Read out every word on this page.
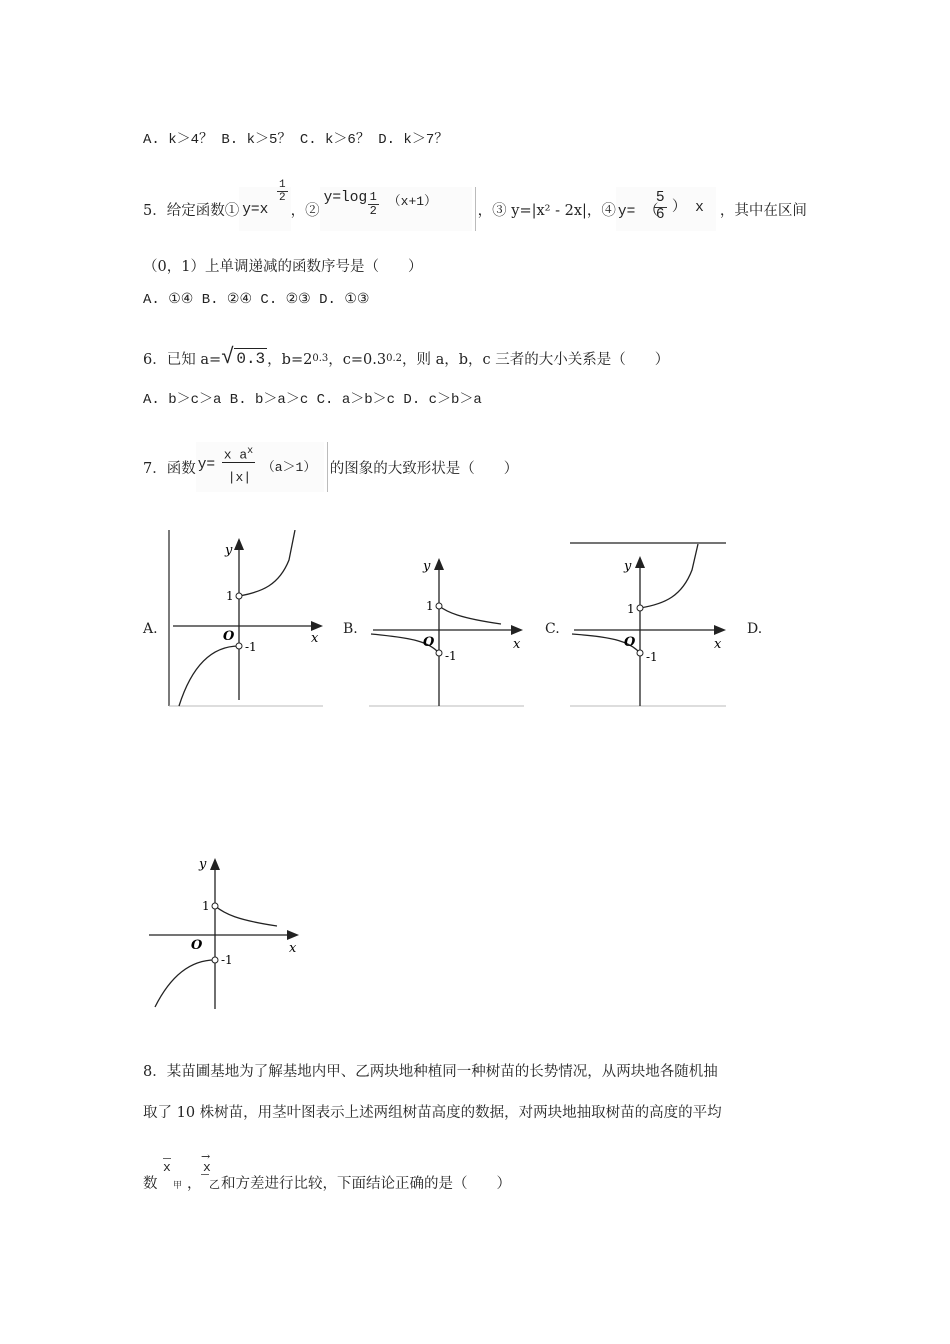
A. k＞4？ B. k＞5？ C. k＞6？ D. k＞7？
5．给定函数① y=x
$\frac{1}{2}$
，②
$y=\log \frac{1}{2} (x+1)$
，③ y=|x² - 2x|，④ y= （
$\frac{5}{6}$ ） x ，其中在区间
（0，1）上单调递减的函数序号是（　　）
A. ①④ B. ②④ C. ②③ D. ①③
6．已知 a= √ 0.3 ，b=2 0.3 ，c=0.3 0.2 ，则 a，b，c 三者的大小关系是（　　）
A. b＞c＞a B. b＞a＞c C. a＞b＞c D. c＞b＞a
7．函数 y=
x $a^x$
|x|
（a＞1） 的图象的大致形状是（　　）
A.	B.	C.	D.
y
x
O
1
-1
y
x
O
1
-1
y
x
O
1
-1
y
x
O
1
-1
8．某苗圃基地为了解基地内甲、乙两块地种植同一种树苗的长势情况，从两块地各随机抽
取了 10 株树苗，用茎叶图表示上述两组树苗高度的数据，对两块地抽取树苗的高度的平均
数
x
甲 ，
→
x
乙 和方差进行比较，下面结论正确的是（　　）
